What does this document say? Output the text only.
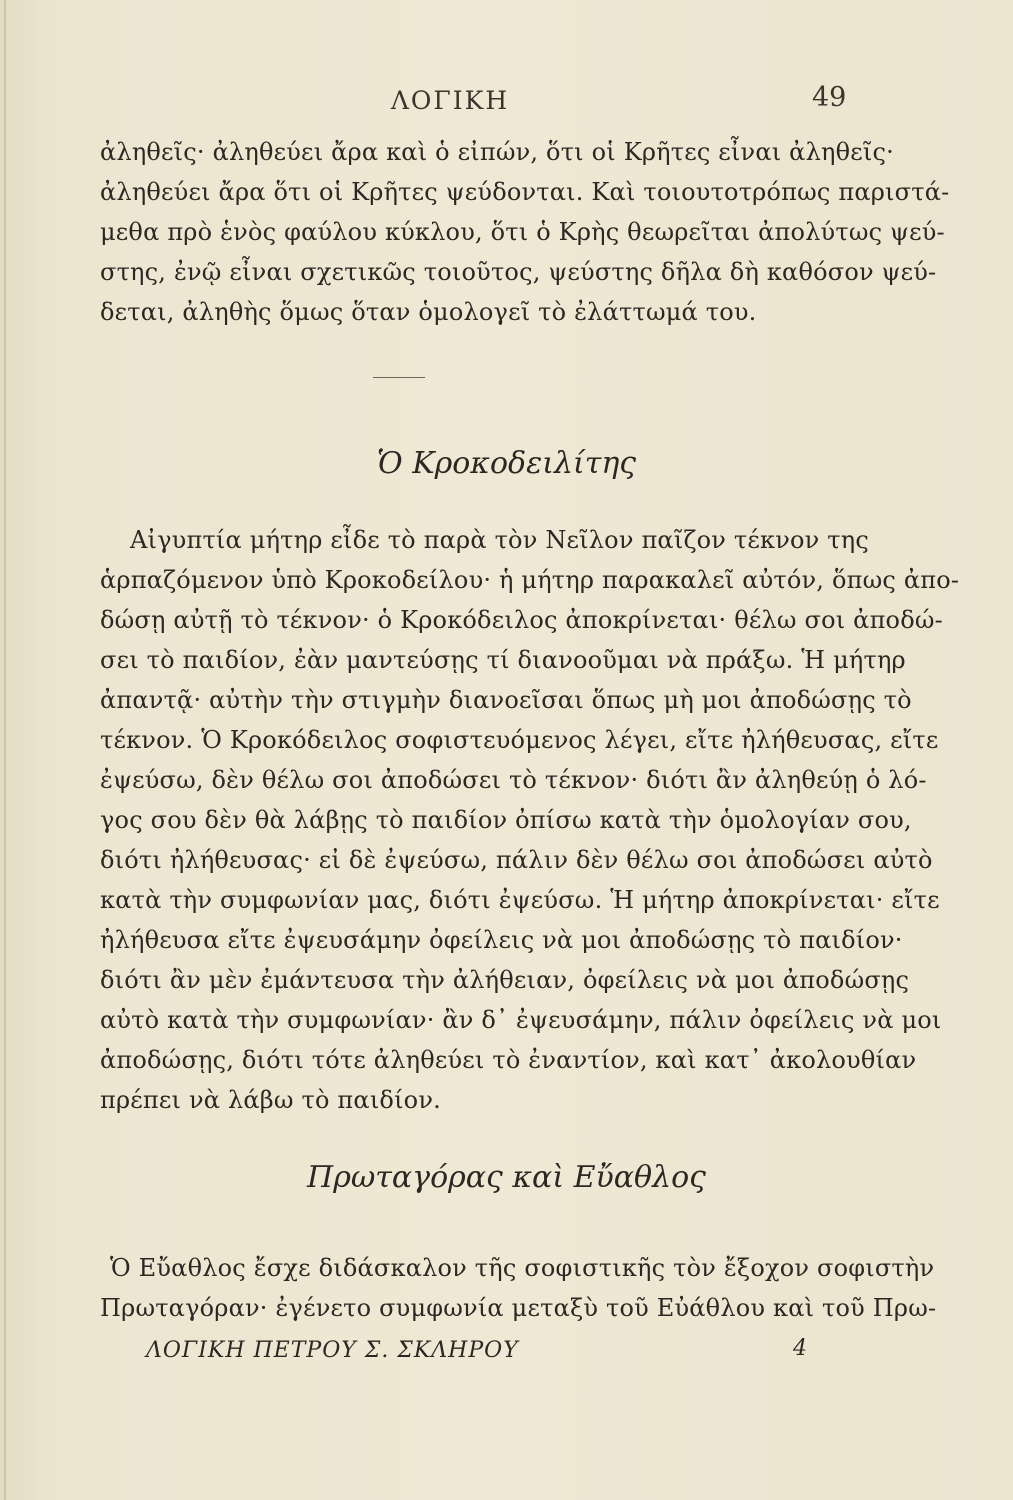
ΛΟΓΙΚΗ	49
ἀληθεῖς· ἀληθεύει ἄρα καὶ ὁ εἰπών, ὅτι οἱ Κρῆτες εἶναι ἀληθεῖς·
ἀληθεύει ἄρα ὅτι οἱ Κρῆτες ψεύδονται. Καὶ τοιουτοτρόπως παριστά-
μεθα πρὸ ἑνὸς φαύλου κύκλου, ὅτι ὁ Κρὴς θεωρεῖται ἀπολύτως ψεύ-
στης, ἐνῷ εἶναι σχετικῶς τοιοῦτος, ψεύστης δῆλα δὴ καθόσον ψεύ-
δεται, ἀληθὴς ὅμως ὅταν ὁμολογεῖ τὸ ἐλάττωμά του.
Ὁ Κροκοδειλίτης
Αἰγυπτία μήτηρ εἶδε τὸ παρὰ τὸν Νεῖλον παῖζον τέκνον της
ἁρπαζόμενον ὑπὸ Κροκοδείλου· ἡ μήτηρ παρακαλεῖ αὐτόν, ὅπως ἀπο-
δώσῃ αὐτῇ τὸ τέκνον· ὁ Κροκόδειλος ἀποκρίνεται· θέλω σοι ἀποδώ-
σει τὸ παιδίον, ἐὰν μαντεύσῃς τί διανοοῦμαι νὰ πράξω. Ἡ μήτηρ
ἀπαντᾷ· αὐτὴν τὴν στιγμὴν διανοεῖσαι ὅπως μὴ μοι ἀποδώσῃς τὸ
τέκνον. Ὁ Κροκόδειλος σοφιστευόμενος λέγει, εἴτε ἠλήθευσας, εἴτε
ἐψεύσω, δὲν θέλω σοι ἀποδώσει τὸ τέκνον· διότι ἂν ἀληθεύῃ ὁ λό-
γος σου δὲν θὰ λάβῃς τὸ παιδίον ὀπίσω κατὰ τὴν ὁμολογίαν σου,
διότι ἠλήθευσας· εἰ δὲ ἐψεύσω, πάλιν δὲν θέλω σοι ἀποδώσει αὐτὸ
κατὰ τὴν συμφωνίαν μας, διότι ἐψεύσω. Ἡ μήτηρ ἀποκρίνεται· εἴτε
ἠλήθευσα εἴτε ἐψευσάμην ὀφείλεις νὰ μοι ἀποδώσῃς τὸ παιδίον·
διότι ἂν μὲν ἐμάντευσα τὴν ἀλήθειαν, ὀφείλεις νὰ μοι ἀποδώσῃς
αὐτὸ κατὰ τὴν συμφωνίαν· ἂν δ᾽ ἐψευσάμην, πάλιν ὀφείλεις νὰ μοι
ἀποδώσῃς, διότι τότε ἀληθεύει τὸ ἐναντίον, καὶ κατ᾽ ἀκολουθίαν
πρέπει νὰ λάβω τὸ παιδίον.
Πρωταγόρας καὶ Εὔαθλος
Ὁ Εὔαθλος ἔσχε διδάσκαλον τῆς σοφιστικῆς τὸν ἔξοχον σοφιστὴν
Πρωταγόραν· ἐγένετο συμφωνία μεταξὺ τοῦ Εὐάθλου καὶ τοῦ Πρω-
ΛΟΓΙΚΗ ΠΕΤΡΟΥ Σ. ΣΚΛΗΡΟΥ	4
